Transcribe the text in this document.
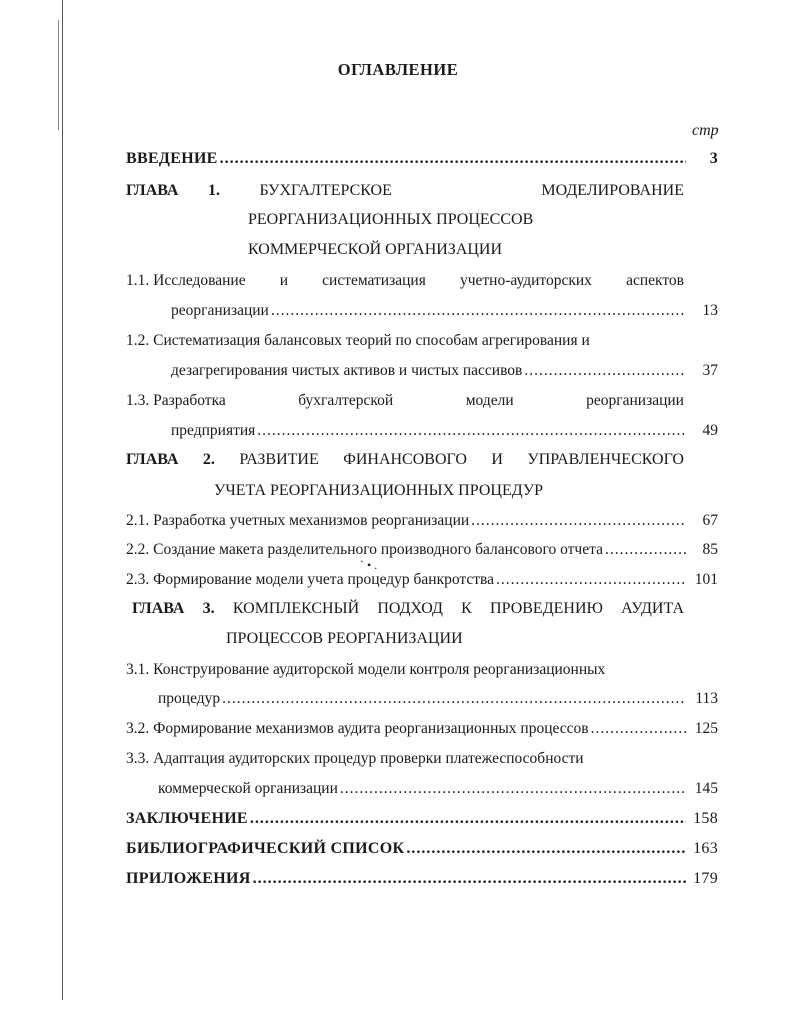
ОГЛАВЛЕНИЕ
стр
ВВЕДЕНИЕ .....	3
ГЛАВА 1. БУХГАЛТЕРСКОЕ	МОДЕЛИРОВАНИЕ
РЕОРГАНИЗАЦИОННЫХ ПРОЦЕССОВ
КОММЕРЧЕСКОЙ ОРГАНИЗАЦИИ
1.1. Исследование и систематизация учетно-аудиторских аспектов
реорганизации .....	13
1.2. Систематизация балансовых теорий по способам агрегирования и
дезагрегирования чистых активов и чистых пассивов .....	37
1.3. Разработка	бухгалтерской	модели	реорганизации
предприятия .....	49
ГЛАВА 2. РАЗВИТИЕ ФИНАНСОВОГО И УПРАВЛЕНЧЕСКОГО
УЧЕТА РЕОРГАНИЗАЦИОННЫХ ПРОЦЕДУР
2.1. Разработка учетных механизмов реорганизации .....	67
2.2. Создание макета разделительного производного балансового отчета .....	85
` • .
2.3. Формирование модели учета процедур банкротства .....	101
ГЛАВА 3. КОМПЛЕКСНЫЙ ПОДХОД К ПРОВЕДЕНИЮ АУДИТА
ПРОЦЕССОВ РЕОРГАНИЗАЦИИ
3.1. Конструирование аудиторской модели контроля реорганизационных
процедур .....	113
3.2. Формирование механизмов аудита реорганизационных процессов .....	125
3.3. Адаптация аудиторских процедур проверки платежеспособности
коммерческой организации .....	145
ЗАКЛЮЧЕНИЕ .....	158
БИБЛИОГРАФИЧЕСКИЙ СПИСОК .....	163
ПРИЛОЖЕНИЯ .....	179
